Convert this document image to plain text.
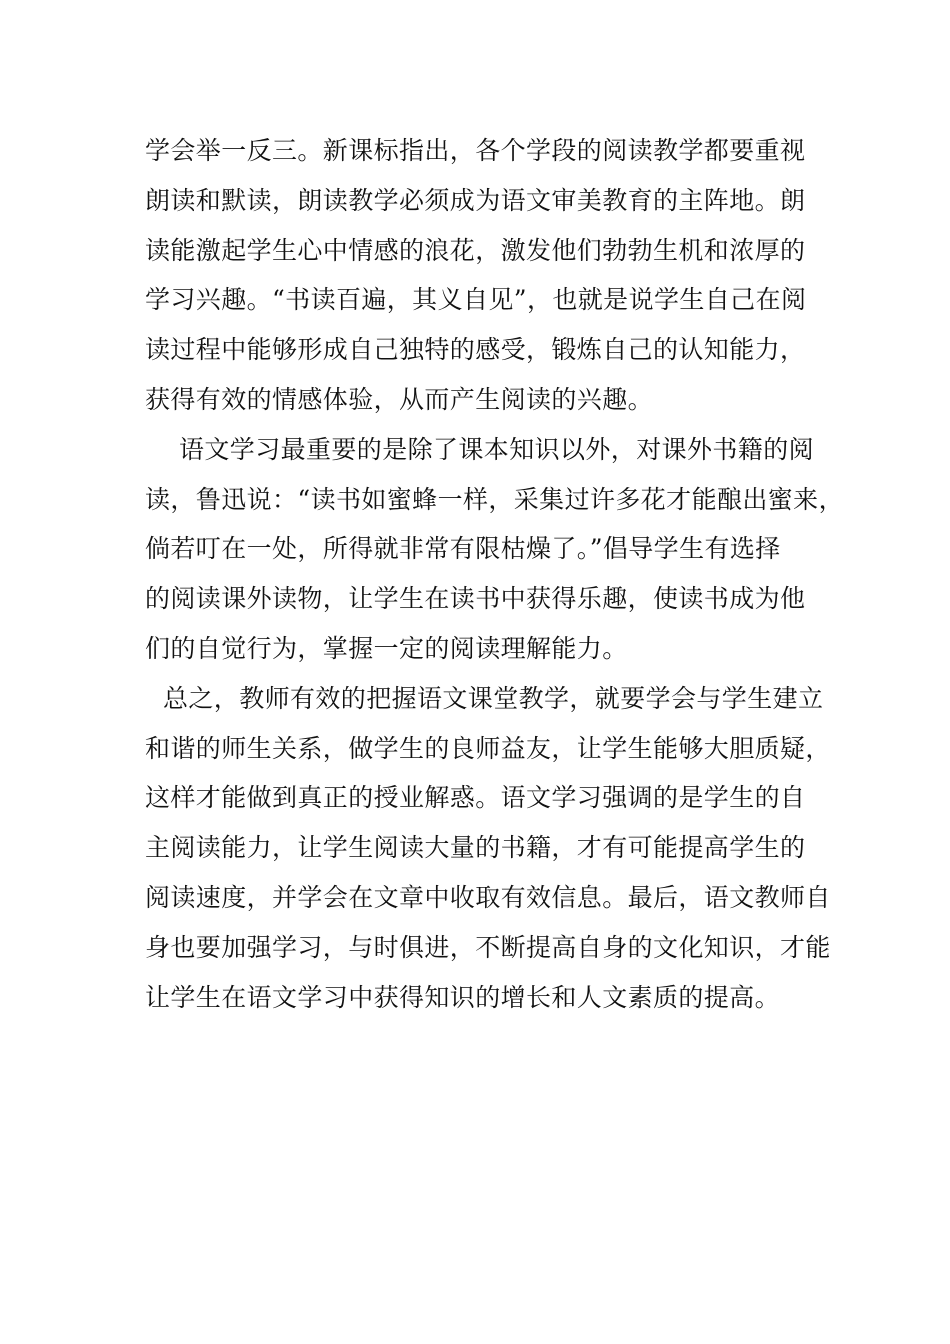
学会举一反三。新课标指出，各个学段的阅读教学都要重视
朗读和默读，朗读教学必须成为语文审美教育的主阵地。朗
读能激起学生心中情感的浪花，激发他们勃勃生机和浓厚的
学习兴趣。“书读百遍，其义自见”，也就是说学生自己在阅
读过程中能够形成自己独特的感受，锻炼自己的认知能力，
获得有效的情感体验，从而产生阅读的兴趣。
语文学习最重要的是除了课本知识以外，对课外书籍的阅
读，鲁迅说：“读书如蜜蜂一样，采集过许多花才能酿出蜜来，
倘若叮在一处，所得就非常有限枯燥了。”倡导学生有选择
的阅读课外读物，让学生在读书中获得乐趣，使读书成为他
们的自觉行为，掌握一定的阅读理解能力。
总之，教师有效的把握语文课堂教学，就要学会与学生建立
和谐的师生关系，做学生的良师益友，让学生能够大胆质疑，
这样才能做到真正的授业解惑。语文学习强调的是学生的自
主阅读能力，让学生阅读大量的书籍，才有可能提高学生的
阅读速度，并学会在文章中收取有效信息。最后，语文教师自
身也要加强学习，与时俱进，不断提高自身的文化知识，才能
让学生在语文学习中获得知识的增长和人文素质的提高。
